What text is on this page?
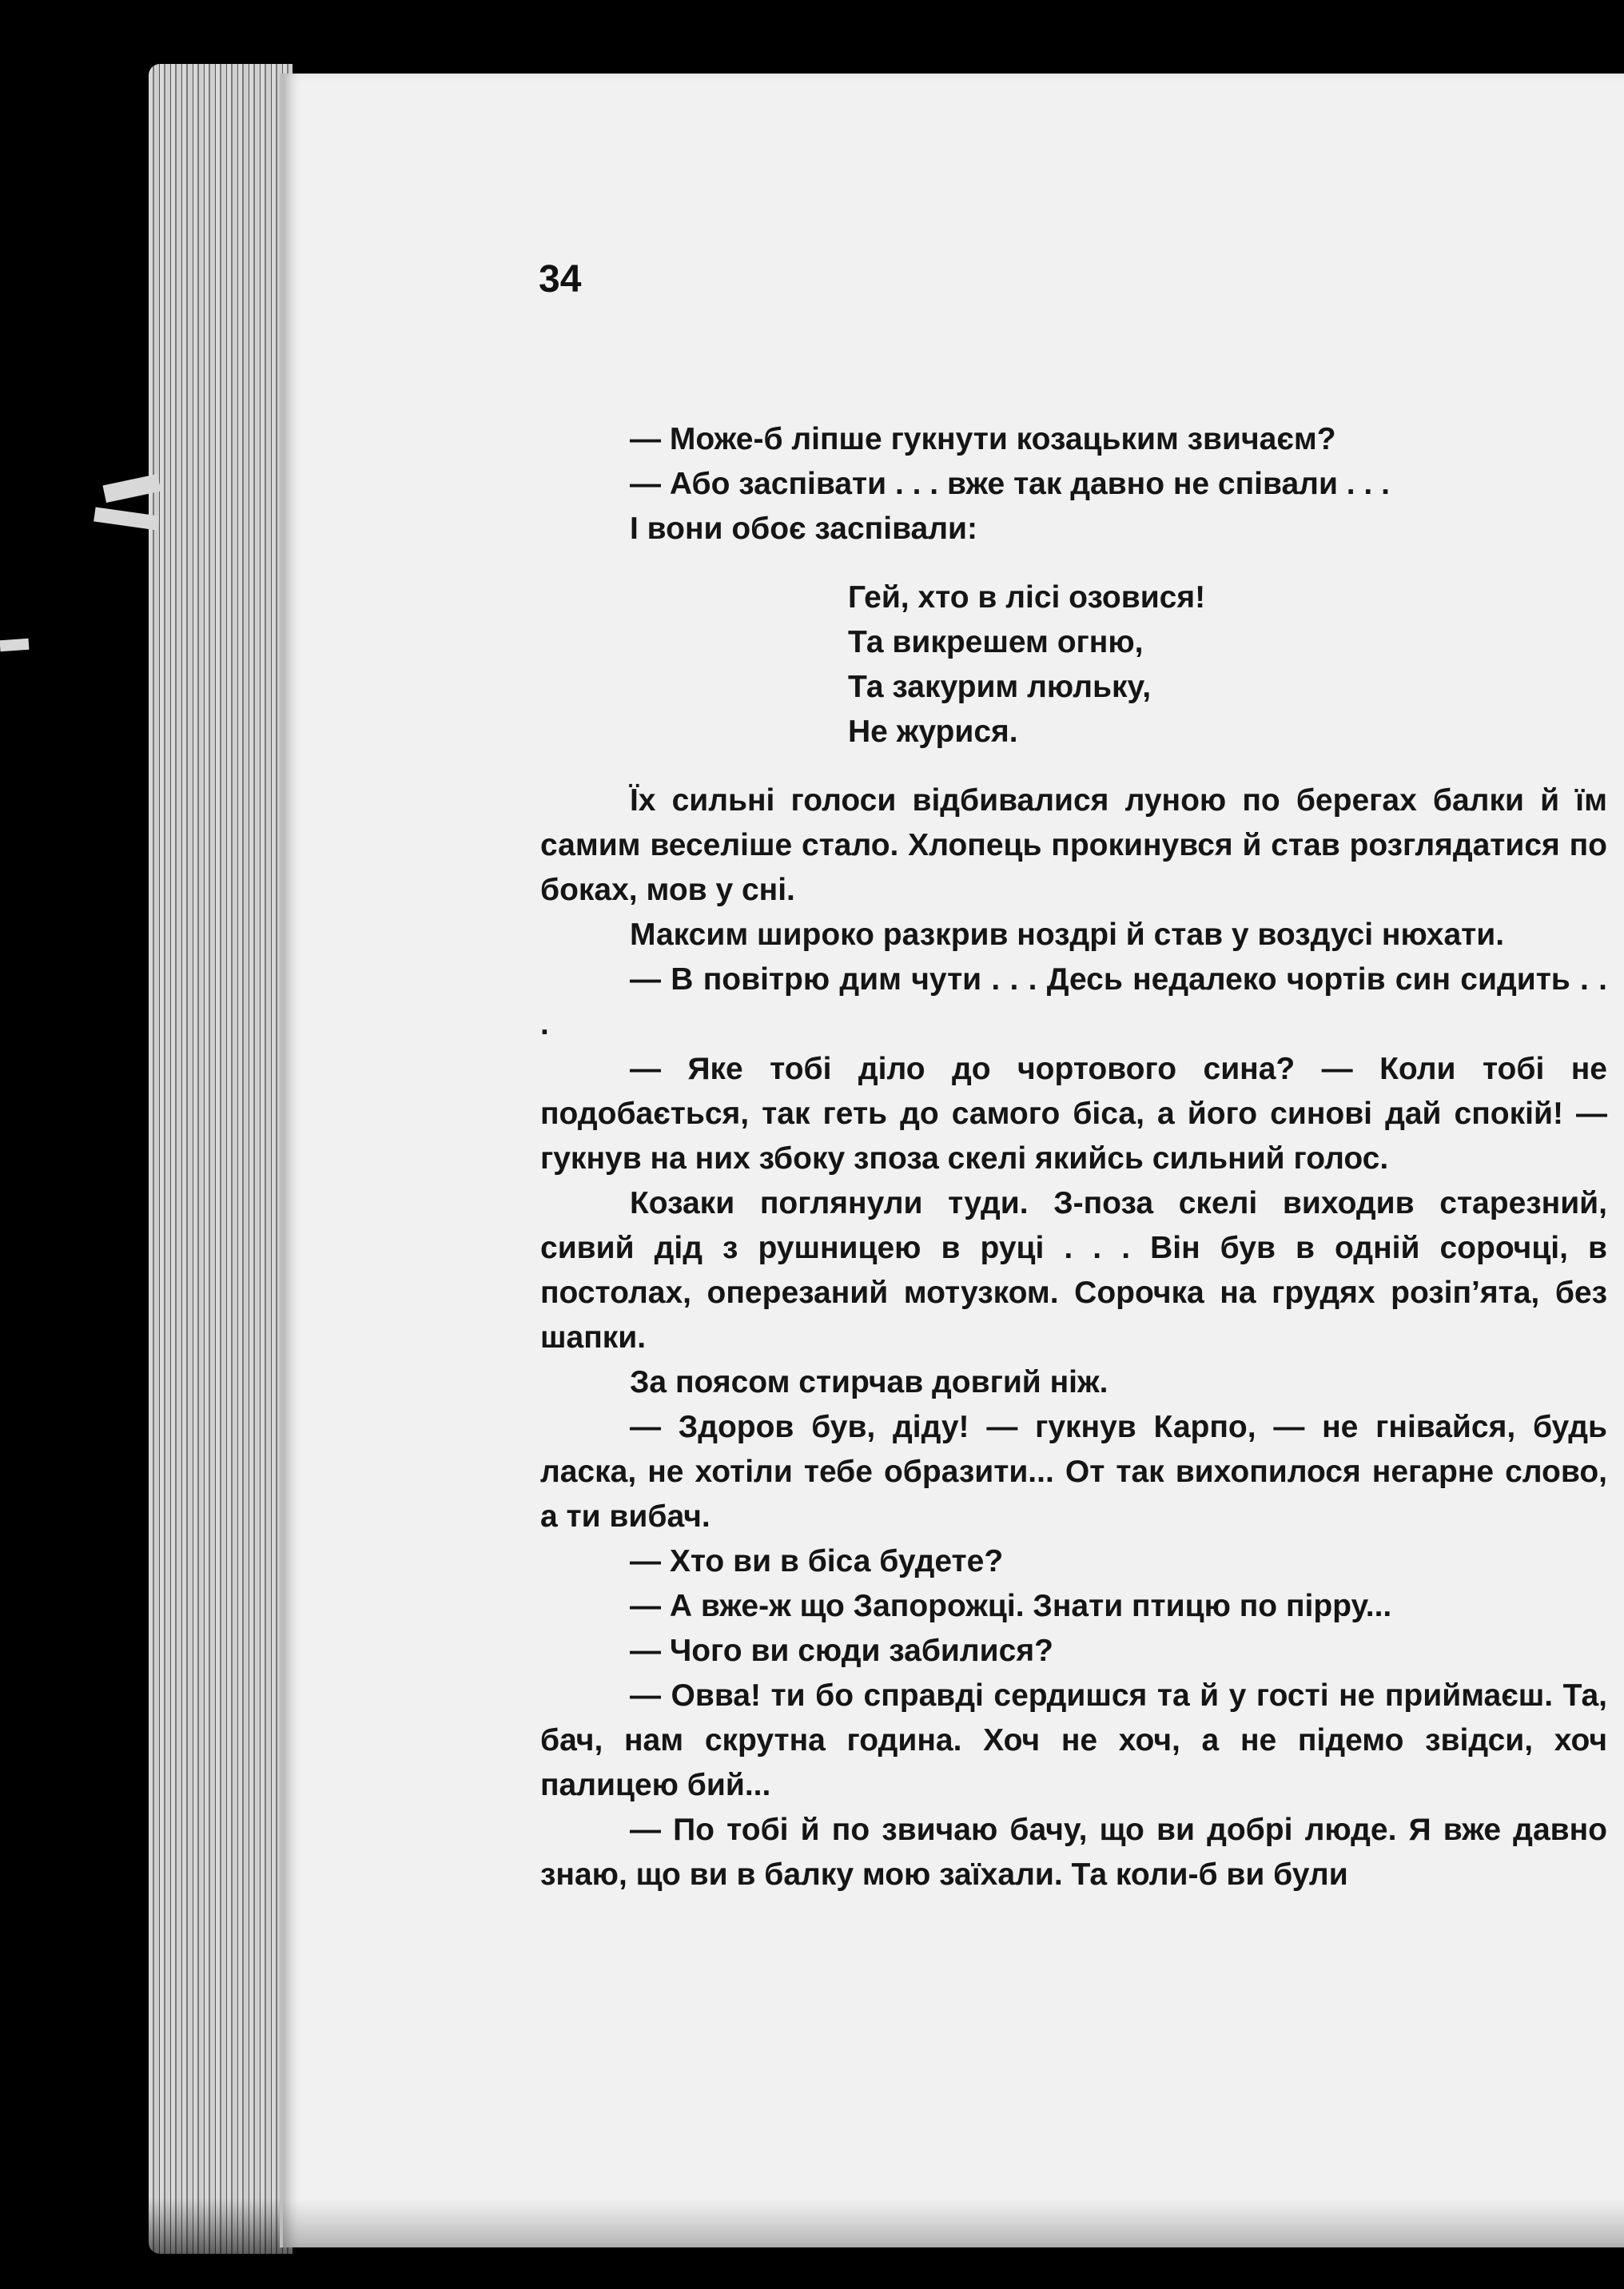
34

— Може-б ліпше гукнути козацьким звичаєм?

— Або заспівати . . . вже так давно не співали . . .

І вони обоє заспівали:

Гей, хто в лісі озовися!
Та викрешем огню,
Та закурим люльку,
Не журися.

Їх сильні голоси відбивалися луною по берегах балки й їм самим веселіше стало. Хлопець прокинувся й став розглядатися по боках, мов у сні.

Максим широко разкрив ноздрі й став у воздусі нюхати.

— В повітрю дим чути . . . Десь недалеко чортів син сидить . . .

— Яке тобі діло до чортового сина? — Коли тобі не подобається, так геть до самого біса, а його синові дай спокій! — гукнув на них збоку зпоза скелі якийсь сильний голос.

Козаки поглянули туди. З-поза скелі виходив старезний, сивий дід з рушницею в руці . . . Він був в одній сорочці, в постолах, оперезаний мотузком. Сорочка на грудях розіп’ята, без шапки.

За поясом стирчав довгий ніж.

— Здоров був, діду! — гукнув Карпо, — не гнівайся, будь ласка, не хотіли тебе образити... От так вихопилося негарне слово, а ти вибач.

— Хто ви в біса будете?

— А вже-ж що Запорожці. Знати птицю по пірру...

— Чого ви сюди забилися?

— Овва! ти бо справді сердишся та й у гості не приймаєш. Та, бач, нам скрутна година. Хоч не хоч, а не підемо звідси, хоч палицею бий...

— По тобі й по звичаю бачу, що ви добрі люде. Я вже давно знаю, що ви в балку мою заїхали. Та коли-б ви були
